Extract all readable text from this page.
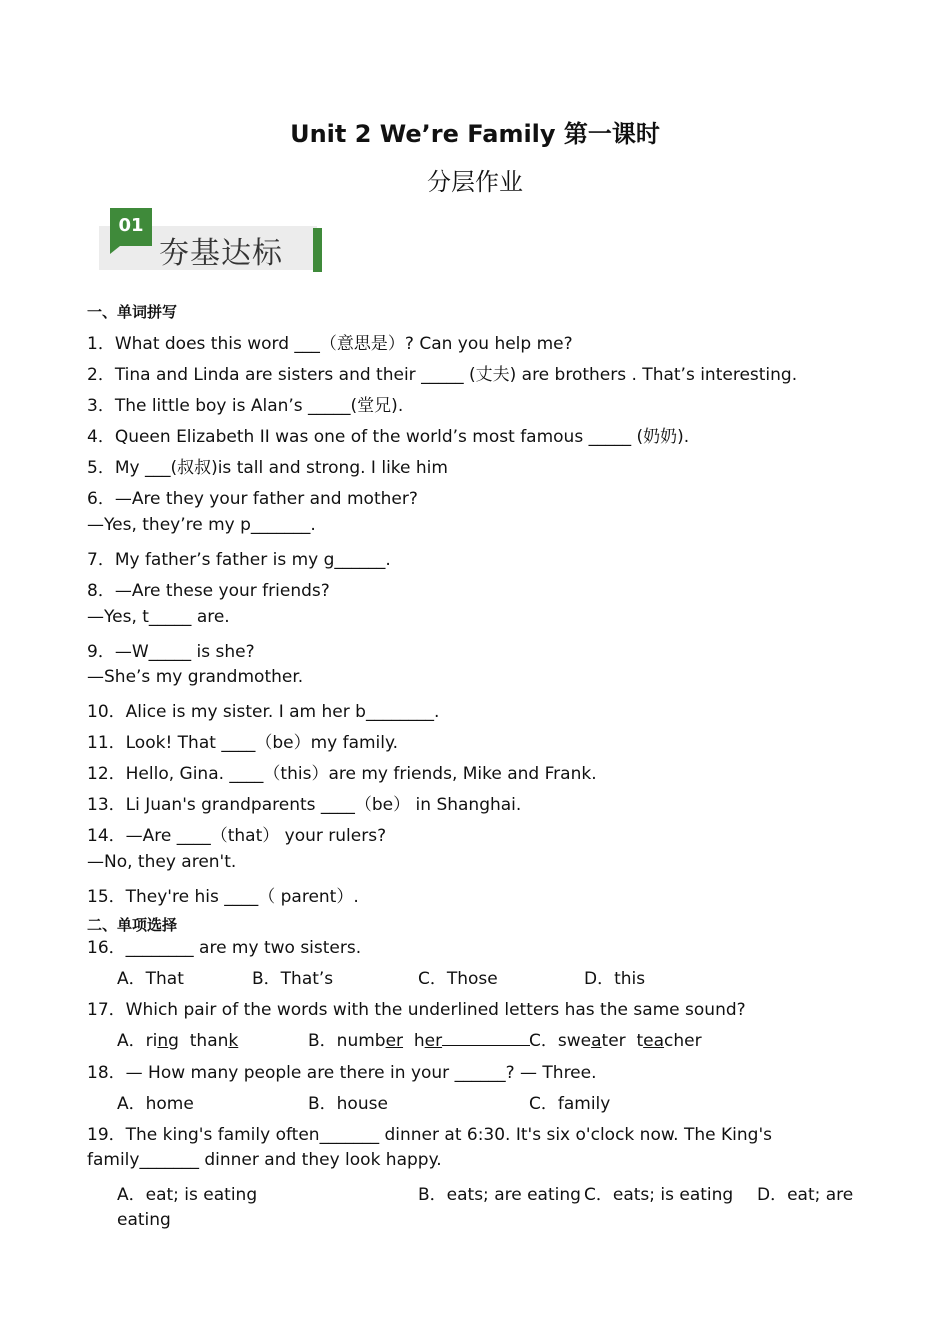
Unit 2 We’re Family 第一课时
分层作业
01
夯基达标
一、单词拼写
1．What does this word ___（意思是）? Can you help me?
2．Tina and Linda are sisters and their _____ (丈夫) are brothers . That’s interesting.
3．The little boy is Alan’s _____(堂兄).
4．Queen Elizabeth II was one of the world’s most famous _____ (奶奶).
5．My ___(叔叔)is tall and strong. I like him
6．—Are they your father and mother?
—Yes, they’re my p_______.
7．My father’s father is my g______.
8．—Are these your friends?
—Yes, t_____ are.
9．—W_____ is she?
—She’s my grandmother.
10．Alice is my sister. I am her b________.
11．Look! That ____（be）my family.
12．Hello, Gina. ____（this）are my friends, Mike and Frank.
13．Li Juan's grandparents ____（be） in Shanghai.
14．—Are ____（that） your rulers?
—No, they aren't.
15．They're his ____（ parent）.
二、单项选择
16．________ are my two sisters.
A．That	B．That’s	C．Those	D．this
17．Which pair of the words with the underlined letters has the same sound?
A．ring thank	B．number her	C．sweater teacher
18．— How many people are there in your ______? — Three.
A．home	B．house	C．family
19．The king's family often_______ dinner at 6:30. It's six o'clock now. The King's
family_______ dinner and they look happy.
A．eat; is eating	B．eats; are eating C．eats; is eating D．eat; are
eating
